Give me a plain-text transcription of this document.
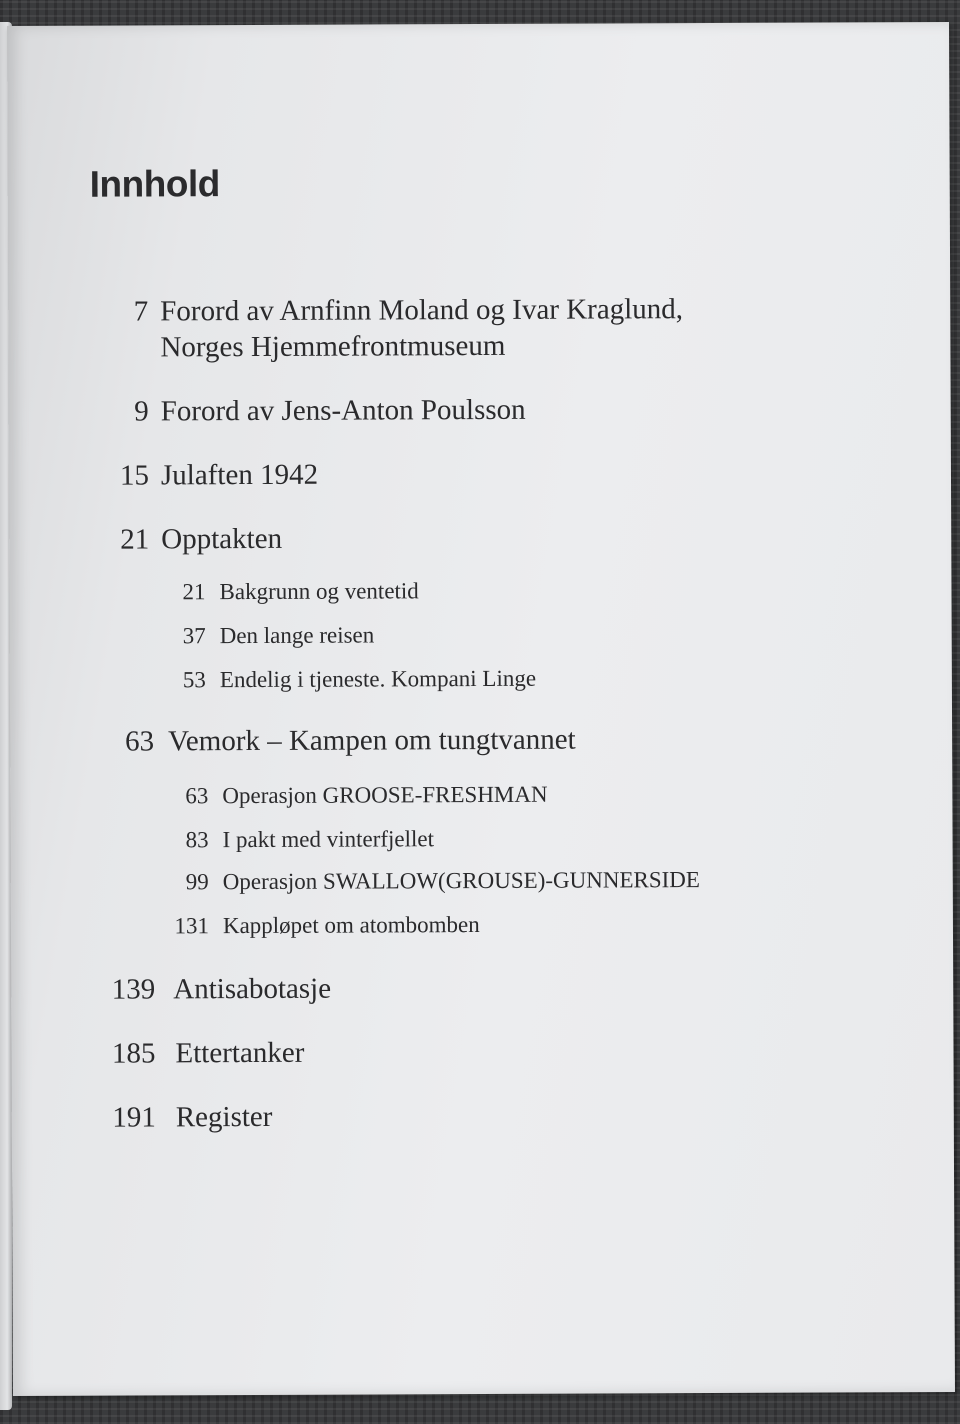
Innhold
7 Forord av Arnfinn Moland og Ivar Kraglund,
Norges Hjemmefrontmuseum
9 Forord av Jens-Anton Poulsson
15 Julaften 1942
21 Opptakten
21 Bakgrunn og ventetid
37 Den lange reisen
53 Endelig i tjeneste. Kompani Linge
63 Vemork – Kampen om tungtvannet
63 Operasjon GROOSE-FRESHMAN
83 I pakt med vinterfjellet
99 Operasjon SWALLOW(GROUSE)-GUNNERSIDE
131 Kappløpet om atombomben
139 Antisabotasje
185 Ettertanker
191 Register
